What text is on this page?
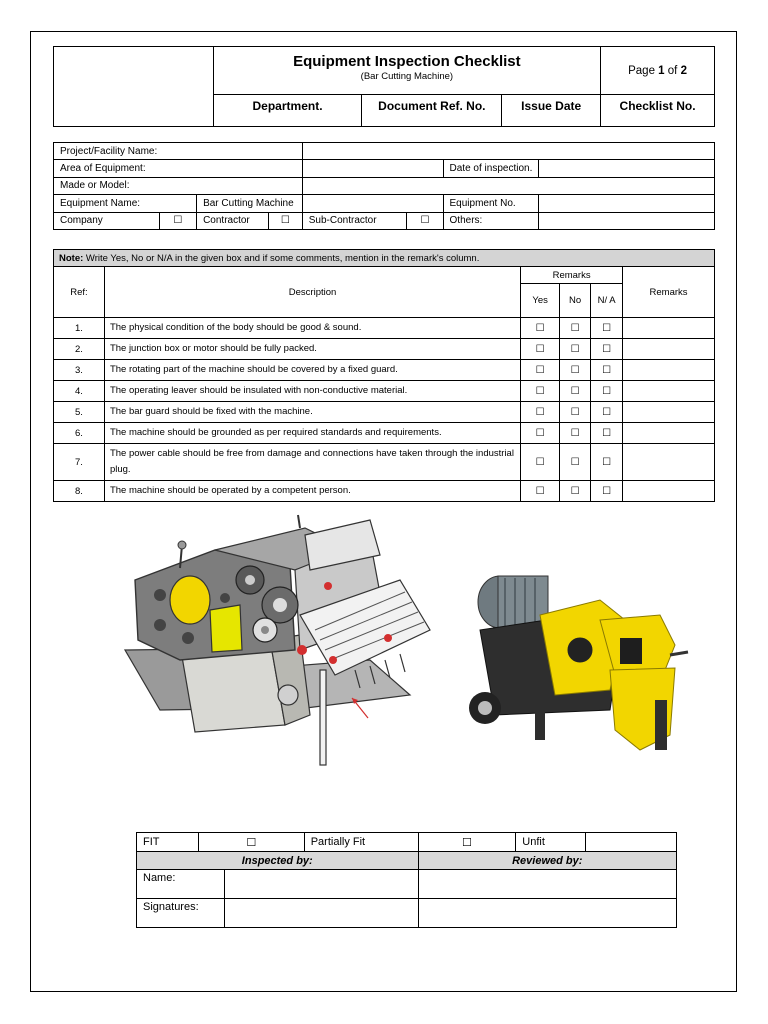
	Equipment Inspection Checklist
(Bar Cutting Machine)			Page 1 of 2
	Department.	Document Ref. No.	Issue Date	Checklist No.
Project/Facility Name:							
Area of Equipment:						Date of inspection.	
Made or Model:							
Equipment Name:		Bar Cutting Machine				Equipment No.	
Company	☐	Contractor	☐	Sub-Contractor	☐	Others:	
Note: Write Yes, No or N/A in the given box and if some comments, mention in the remark's column.					
Ref:	Description	Remarks			Remarks
		Yes	No	N/ A	
1.	The physical condition of the body should be good & sound.	☐	☐	☐	
2.	The junction box or motor should be fully packed.	☐	☐	☐	
3.	The rotating part of the machine should be covered by a fixed guard.	☐	☐	☐	
4.	The operating leaver should be insulated with non-conductive material.	☐	☐	☐	
5.	The bar guard should be fixed with the machine.	☐	☐	☐	
6.	The machine should be grounded as per required standards and requirements.	☐	☐	☐	
7.	The power cable should be free from damage and connections have taken through the industrial plug.	☐	☐	☐	
8.	The machine should be operated by a competent person.	☐	☐	☐	
FIT	☐		Partially Fit	☐	Unfit	
Inspected by:				Reviewed by:		
Name:						
Signatures:						
